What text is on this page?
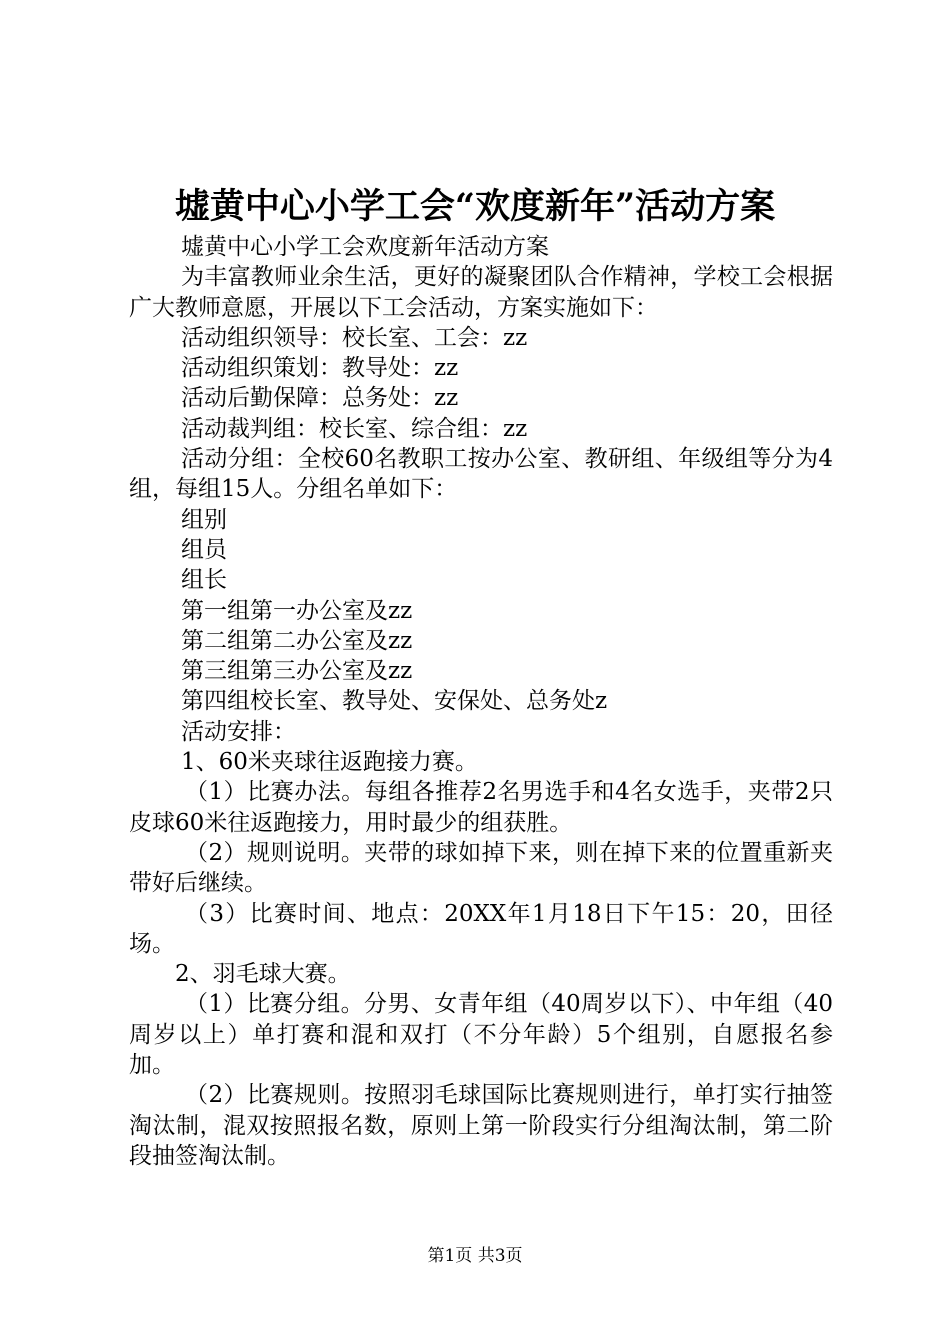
墟黄中心小学工会“欢度新年”活动方案

墟黄中心小学工会欢度新年活动方案

为丰富教师业余生活，更好的凝聚团队合作精神，学校工会根据广大教师意愿，开展以下工会活动，方案实施如下：

活动组织领导：校长室、工会：zz

活动组织策划：教导处：zz

活动后勤保障：总务处：zz

活动裁判组：校长室、综合组：zz

活动分组：全校60名教职工按办公室、教研组、年级组等分为4组，每组15人。分组名单如下：

组别

组员

组长

第一组第一办公室及zz

第二组第二办公室及zz

第三组第三办公室及zz

第四组校长室、教导处、安保处、总务处z

活动安排：

1、60米夹球往返跑接力赛。

（1）比赛办法。每组各推荐2名男选手和4名女选手，夹带2只皮球60米往返跑接力，用时最少的组获胜。

（2）规则说明。夹带的球如掉下来，则在掉下来的位置重新夹带好后继续。

（3）比赛时间、地点：20XX年1月18日下午15：20，田径场。

2、羽毛球大赛。

（1）比赛分组。分男、女青年组（40周岁以下）、中年组（40周岁以上）单打赛和混和双打（不分年龄）5个组别，自愿报名参加。

（2）比赛规则。按照羽毛球国际比赛规则进行，单打实行抽签淘汰制，混双按照报名数，原则上第一阶段实行分组淘汰制，第二阶段抽签淘汰制。

第1页 共3页
